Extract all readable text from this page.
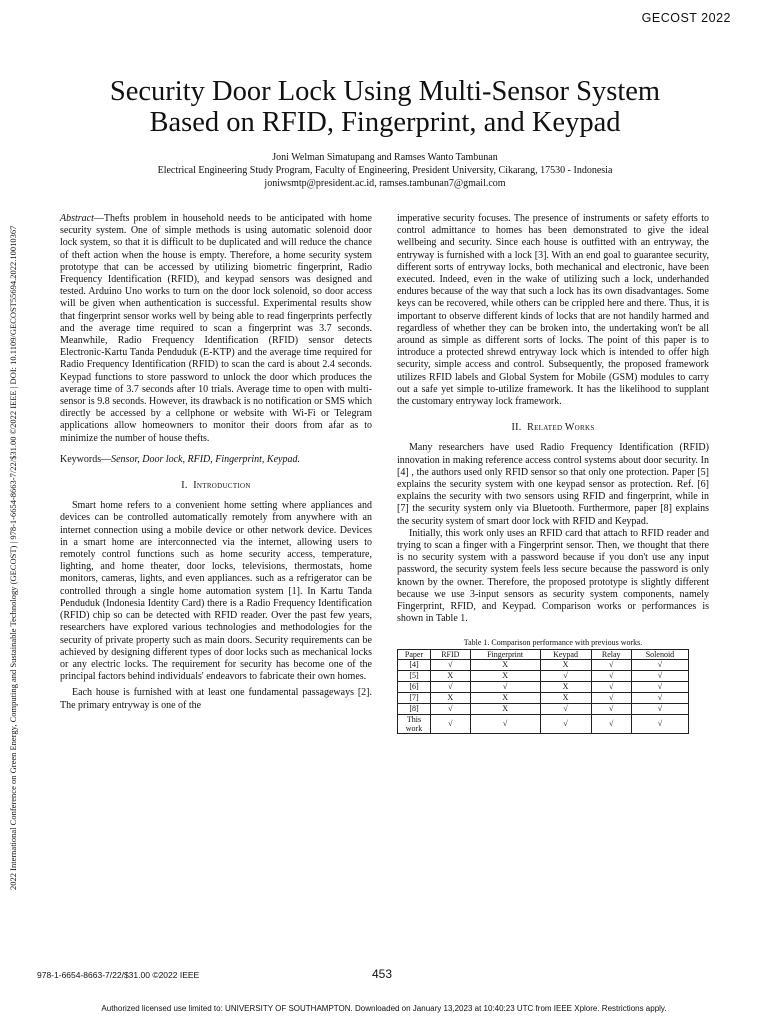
GECOST 2022
Security Door Lock Using Multi-Sensor System
Based on RFID, Fingerprint, and Keypad
Joni Welman Simatupang and Ramses Wanto Tambunan
Electrical Engineering Study Program, Faculty of Engineering, President University, Cikarang, 17530 - Indonesia
joniwsmtp@president.ac.id, ramses.tambunan7@gmail.com
2022 International Conference on Green Energy, Computing and Sustainable Technology (GECOST) | 978-1-6654-8663-7/22/$31.00 ©2022 IEEE | DOI: 10.1109/GECOST55694.2022.10010367

Abstract—Thefts problem in household needs to be anticipated with home security system. One of simple methods is using automatic solenoid door lock system, so that it is difficult to be duplicated and will reduce the chance of theft action when the house is empty. Therefore, a home security system prototype that can be accessed by utilizing biometric fingerprint, Radio Frequency Identification (RFID), and keypad sensors was designed and tested. Arduino Uno works to turn on the door lock solenoid, so door access will be given when authentication is successful. Experimental results show that fingerprint sensor works well by being able to read fingerprints perfectly and the average time required to scan a fingerprint was 3.7 seconds. Meanwhile, Radio Frequency Identification (RFID) sensor detects Electronic-Kartu Tanda Penduduk (E-KTP) and the average time required for Radio Frequency Identification (RFID) to scan the card is about 2.4 seconds. Keypad functions to store password to unlock the door which produces the average time of 3.7 seconds after 10 trials. Average time to open with multi-sensor is 9.8 seconds. However, its drawback is no notification or SMS which directly be accessed by a cellphone or website with Wi-Fi or Telegram applications allow homeowners to monitor their doors from afar as to minimize the number of house thefts.

Keywords—Sensor, Door lock, RFID, Fingerprint, Keypad.

I. Introduction

Smart home refers to a convenient home setting where appliances and devices can be controlled automatically remotely from anywhere with an internet connection using a mobile device or other network device. Devices in a smart home are interconnected via the internet, allowing users to remotely control functions such as home security access, temperature, lighting, and home theater, door locks, televisions, thermostats, home monitors, cameras, lights, and even appliances. such as a refrigerator can be controlled through a single home automation system [1]. In Kartu Tanda Penduduk (Indonesia Identity Card) there is a Radio Frequency Identification (RFID) chip so can be detected with RFID reader. Over the past few years, researchers have explored various technologies and methodologies for the security of private property such as main doors. Security requirements can be achieved by designing different types of door locks such as mechanical locks or any electric locks. The requirement for security has become one of the principal factors behind individuals' endeavors to fabricate their own homes.

Each house is furnished with at least one fundamental passageways [2]. The primary entryway is one of the

imperative security focuses. The presence of instruments or safety efforts to control admittance to homes has been demonstrated to give the ideal wellbeing and security. Since each house is outfitted with an entryway, the entryway is furnished with a lock [3]. With an end goal to guarantee security, different sorts of entryway locks, both mechanical and electronic, have been executed. Indeed, even in the wake of utilizing such a lock, underhanded endures because of the way that such a lock has its own disadvantages. Some keys can be recovered, while others can be crippled here and there. Thus, it is important to observe different kinds of locks that are not handily harmed and regardless of whether they can be broken into, the undertaking won't be all around as simple as different sorts of locks. The point of this paper is to introduce a protected shrewd entryway lock which is intended to offer high security, simple access and control. Subsequently, the proposed framework utilizes RFID labels and Global System for Mobile (GSM) modules to carry out a safe yet simple to-utilize framework. It has the likelihood to supplant the customary entryway lock framework.

II. Related Works

Many researchers have used Radio Frequency Identification (RFID) innovation in making reference access control systems about door security. In [4] , the authors used only RFID sensor so that only one protection. Paper [5] explains the security system with one keypad sensor as protection. Ref. [6] explains the security with two sensors using RFID and fingerprint, while in [7] the security system only via Bluetooth. Furthermore, paper [8] explains the security system of smart door lock with RFID and Keypad.

Initially, this work only uses an RFID card that attach to RFID reader and trying to scan a finger with a Fingerprint sensor. Then, we thought that there is no security system with a password because if you don't use any input password, the security system feels less secure because the password is only known by the owner. Therefore, the proposed prototype is slightly different because we use 3-input sensors as security system components, namely Fingerprint, RFID, and Keypad. Comparison works or performances is shown in Table 1.

Table 1. Comparison performance with previous works.
Paper	RFID	Fingerprint	Keypad	Relay	Solenoid
[4]	√	X	X	√	√
[5]	X	X	√	√	√
[6]	√	√	X	√	√
[7]	X	X	X	√	√
[8]	√	X	√	√	√
This work	√	√	√	√	√
978-1-6654-8663-7/22/$31.00 ©2022 IEEE	453
Authorized licensed use limited to: UNIVERSITY OF SOUTHAMPTON. Downloaded on January 13,2023 at 10:40:23 UTC from IEEE Xplore. Restrictions apply.
